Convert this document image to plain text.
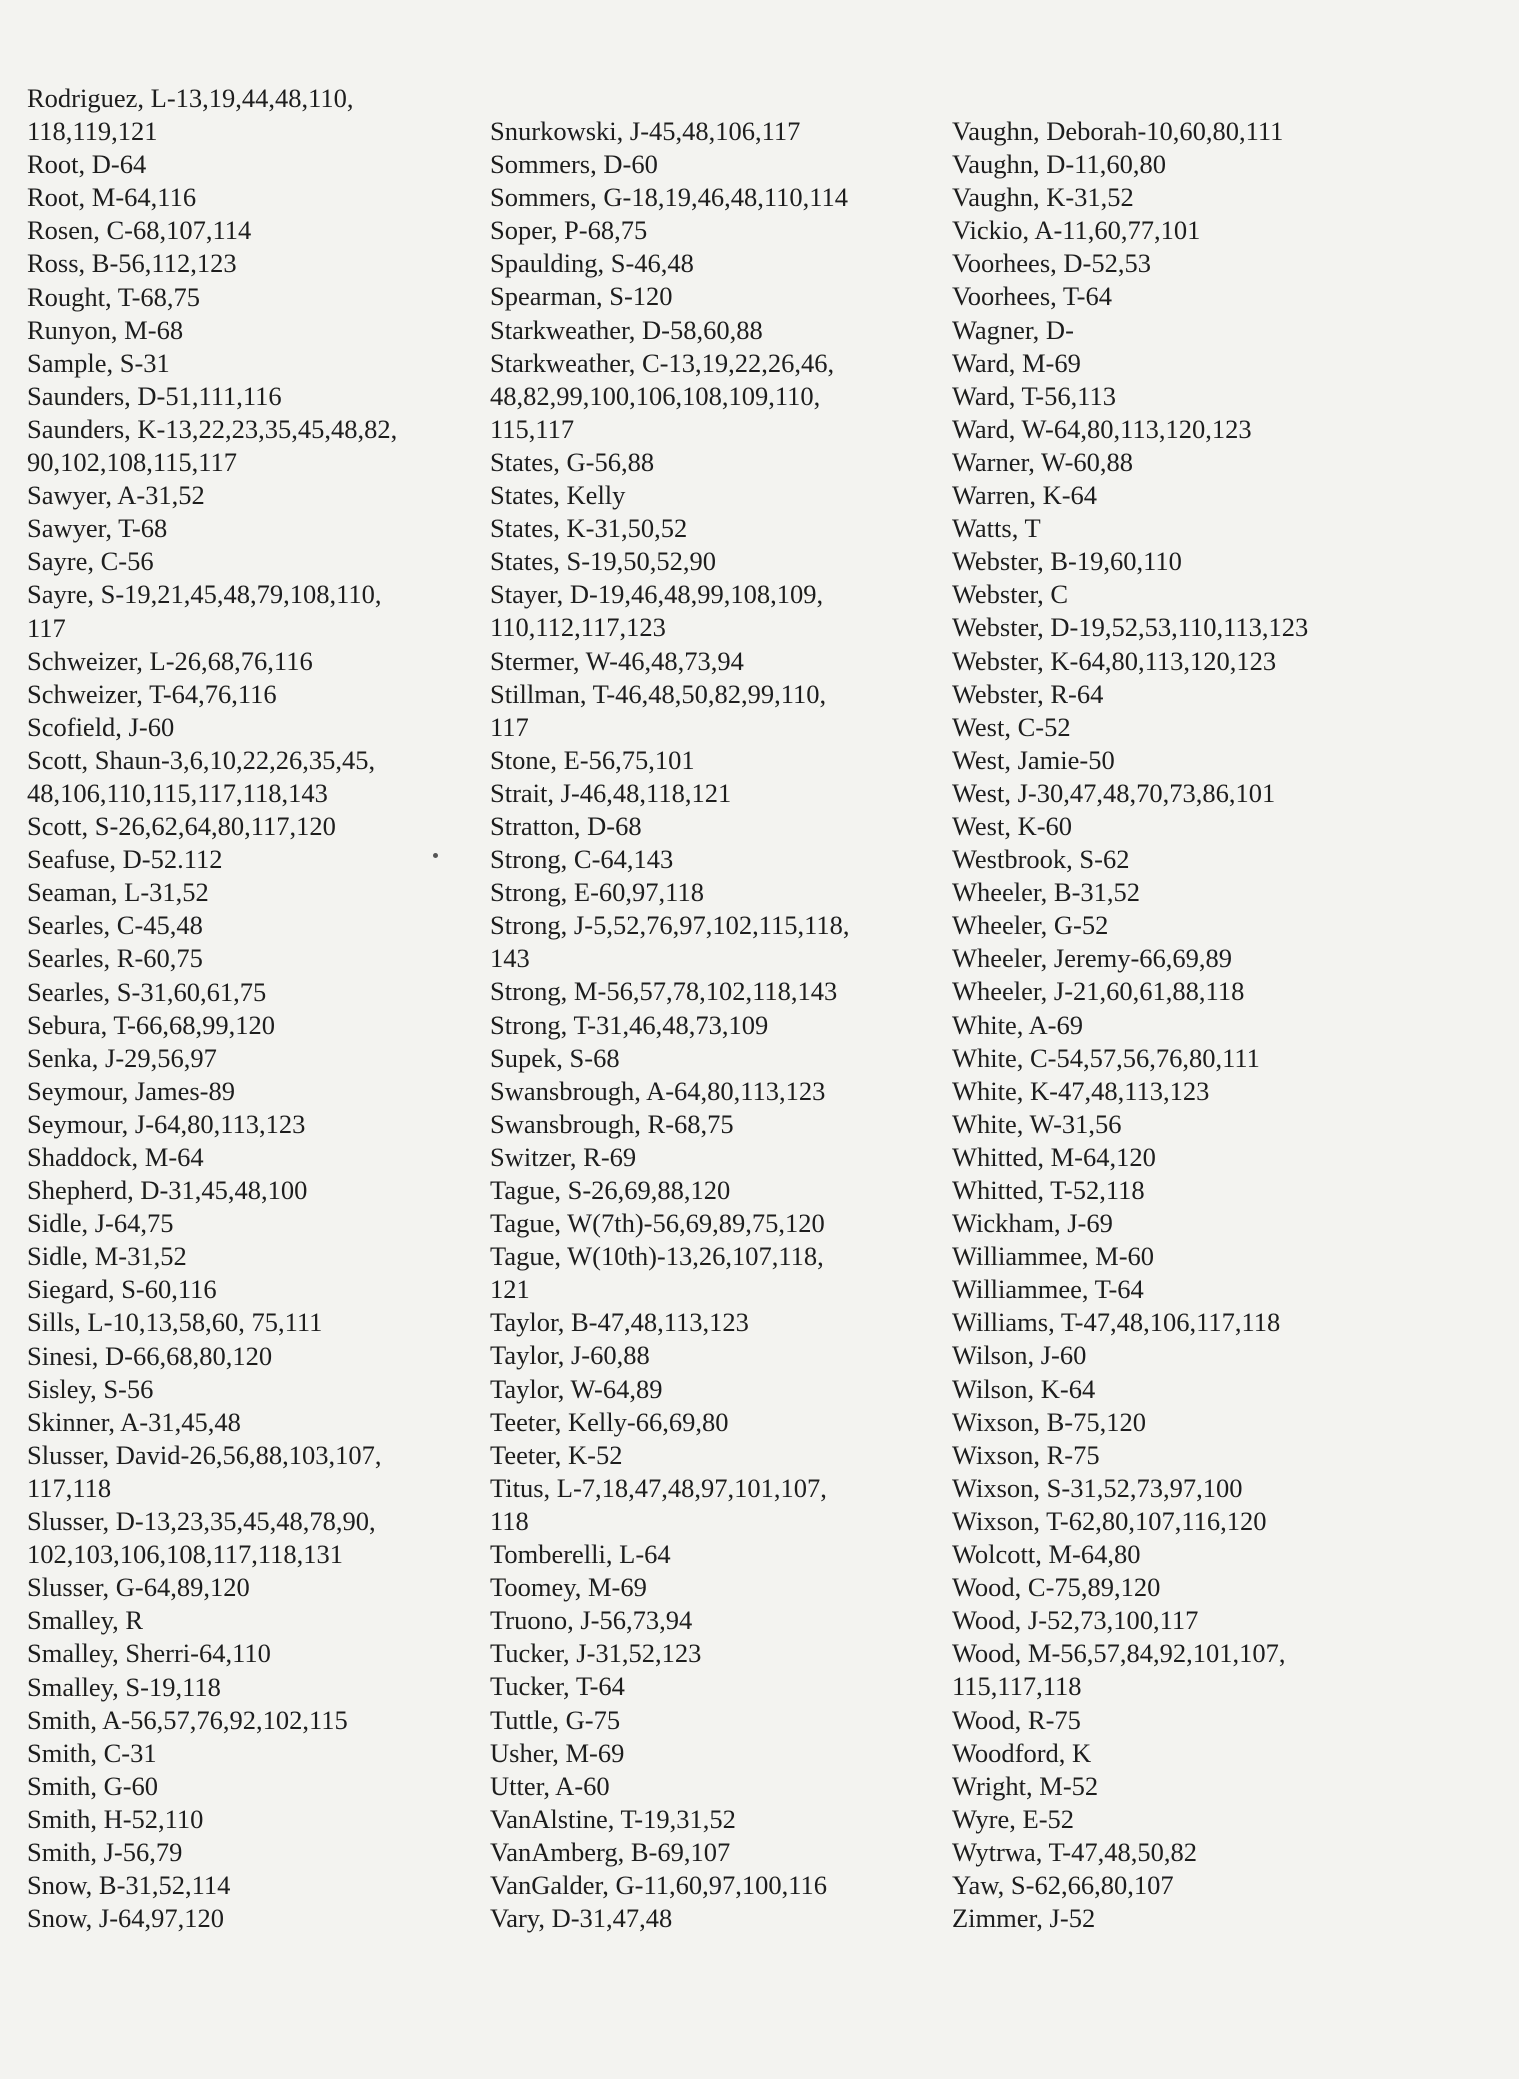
Rodriguez, L-13,19,44,48,110,
118,119,121
Root, D-64
Root, M-64,116
Rosen, C-68,107,114
Ross, B-56,112,123
Rought, T-68,75
Runyon, M-68
Sample, S-31
Saunders, D-51,111,116
Saunders, K-13,22,23,35,45,48,82,
90,102,108,115,117
Sawyer, A-31,52
Sawyer, T-68
Sayre, C-56
Sayre, S-19,21,45,48,79,108,110,
117
Schweizer, L-26,68,76,116
Schweizer, T-64,76,116
Scofield, J-60
Scott, Shaun-3,6,10,22,26,35,45,
48,106,110,115,117,118,143
Scott, S-26,62,64,80,117,120
Seafuse, D-52.112
Seaman, L-31,52
Searles, C-45,48
Searles, R-60,75
Searles, S-31,60,61,75
Sebura, T-66,68,99,120
Senka, J-29,56,97
Seymour, James-89
Seymour, J-64,80,113,123
Shaddock, M-64
Shepherd, D-31,45,48,100
Sidle, J-64,75
Sidle, M-31,52
Siegard, S-60,116
Sills, L-10,13,58,60, 75,111
Sinesi, D-66,68,80,120
Sisley, S-56
Skinner, A-31,45,48
Slusser, David-26,56,88,103,107,
117,118
Slusser, D-13,23,35,45,48,78,90,
102,103,106,108,117,118,131
Slusser, G-64,89,120
Smalley, R
Smalley, Sherri-64,110
Smalley, S-19,118
Smith, A-56,57,76,92,102,115
Smith, C-31
Smith, G-60
Smith, H-52,110
Smith, J-56,79
Snow, B-31,52,114
Snow, J-64,97,120
Snurkowski, J-45,48,106,117
Sommers, D-60
Sommers, G-18,19,46,48,110,114
Soper, P-68,75
Spaulding, S-46,48
Spearman, S-120
Starkweather, D-58,60,88
Starkweather, C-13,19,22,26,46,
48,82,99,100,106,108,109,110,
115,117
States, G-56,88
States, Kelly
States, K-31,50,52
States, S-19,50,52,90
Stayer, D-19,46,48,99,108,109,
110,112,117,123
Stermer, W-46,48,73,94
Stillman, T-46,48,50,82,99,110,
117
Stone, E-56,75,101
Strait, J-46,48,118,121
Stratton, D-68
Strong, C-64,143
Strong, E-60,97,118
Strong, J-5,52,76,97,102,115,118,
143
Strong, M-56,57,78,102,118,143
Strong, T-31,46,48,73,109
Supek, S-68
Swansbrough, A-64,80,113,123
Swansbrough, R-68,75
Switzer, R-69
Tague, S-26,69,88,120
Tague, W(7th)-56,69,89,75,120
Tague, W(10th)-13,26,107,118,
121
Taylor, B-47,48,113,123
Taylor, J-60,88
Taylor, W-64,89
Teeter, Kelly-66,69,80
Teeter, K-52
Titus, L-7,18,47,48,97,101,107,
118
Tomberelli, L-64
Toomey, M-69
Truono, J-56,73,94
Tucker, J-31,52,123
Tucker, T-64
Tuttle, G-75
Usher, M-69
Utter, A-60
VanAlstine, T-19,31,52
VanAmberg, B-69,107
VanGalder, G-11,60,97,100,116
Vary, D-31,47,48
Vaughn, Deborah-10,60,80,111
Vaughn, D-11,60,80
Vaughn, K-31,52
Vickio, A-11,60,77,101
Voorhees, D-52,53
Voorhees, T-64
Wagner, D-
Ward, M-69
Ward, T-56,113
Ward, W-64,80,113,120,123
Warner, W-60,88
Warren, K-64
Watts, T
Webster, B-19,60,110
Webster, C
Webster, D-19,52,53,110,113,123
Webster, K-64,80,113,120,123
Webster, R-64
West, C-52
West, Jamie-50
West, J-30,47,48,70,73,86,101
West, K-60
Westbrook, S-62
Wheeler, B-31,52
Wheeler, G-52
Wheeler, Jeremy-66,69,89
Wheeler, J-21,60,61,88,118
White, A-69
White, C-54,57,56,76,80,111
White, K-47,48,113,123
White, W-31,56
Whitted, M-64,120
Whitted, T-52,118
Wickham, J-69
Williammee, M-60
Williammee, T-64
Williams, T-47,48,106,117,118
Wilson, J-60
Wilson, K-64
Wixson, B-75,120
Wixson, R-75
Wixson, S-31,52,73,97,100
Wixson, T-62,80,107,116,120
Wolcott, M-64,80
Wood, C-75,89,120
Wood, J-52,73,100,117
Wood, M-56,57,84,92,101,107,
115,117,118
Wood, R-75
Woodford, K
Wright, M-52
Wyre, E-52
Wytrwa, T-47,48,50,82
Yaw, S-62,66,80,107
Zimmer, J-52
